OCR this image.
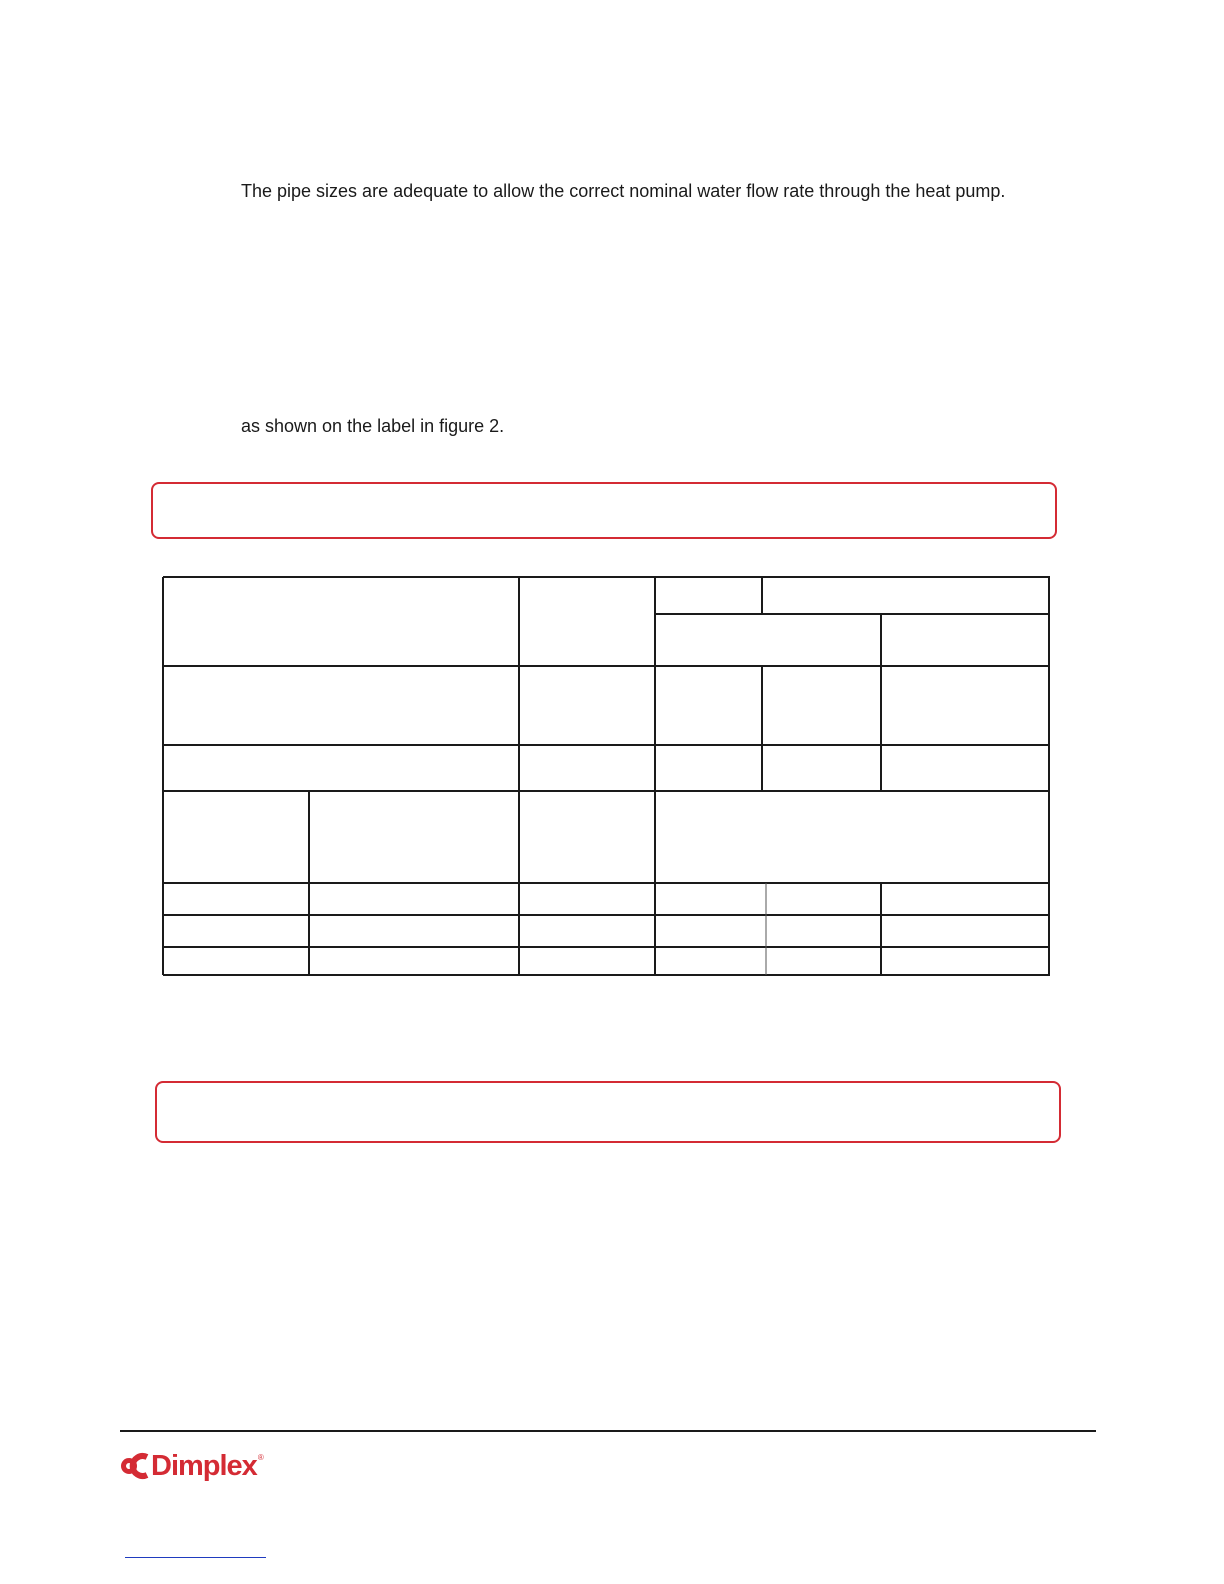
The pipe sizes are adequate to allow the correct nominal water flow rate through the heat pump.

as shown on the label in figure 2.

Dimplex ®
